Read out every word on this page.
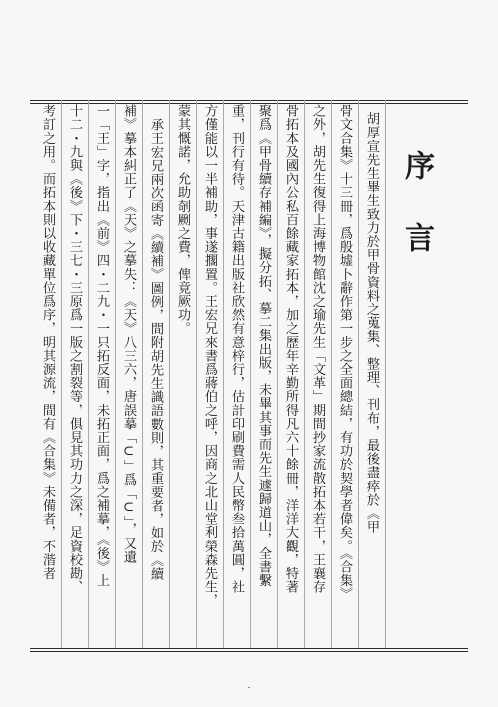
序言
胡厚宣先生畢生致力於甲骨資料之蒐集、整理、刊布，最後盡瘁於《甲
骨文合集》十三冊，爲殷墟卜辭作第一步之全面總結，有功於契學者偉矣。《合集》
之外，胡先生復得上海博物館沈之瑜先生「文革」期間抄家流散拓本若干，王襄存
骨拓本及國內公私百餘藏家拓本，加之歷年辛勤所得凡六十餘冊，洋洋大觀，特著
聚爲《甲骨續存補編》，擬分拓、摹二集出版，未畢其事而先生遽歸道山，全書繫
重，刊行有待。天津古籍出版社欣然有意梓行，估計印刷費需人民幣叁拾萬圓，社
方僅能以一半補助，事遂擱置。王宏兄來書爲蔣伯之呼，因商之北山堂利榮森先生，
蒙其慨諾，允助剞劂之費，俾竟厥功。
承王宏兄兩次函寄《續補》圖例，間附胡先生識語數則，其重要者，如於《續
補》摹本糾正了《天》之摹失：《天》八三六，唐誤摹「⊂」爲「⊂」，又遺
一「王」字，指出《前》四・二九・一只拓反面，未拓正面，爲之補摹，《後》上
十二・九與《後》下・三七・三原爲一版之割裂等，俱見其功力之深，足資校勘、
考訂之用。而拓本則以收藏單位爲序，明其源流，間有《合集》未備者，不湝者
-
